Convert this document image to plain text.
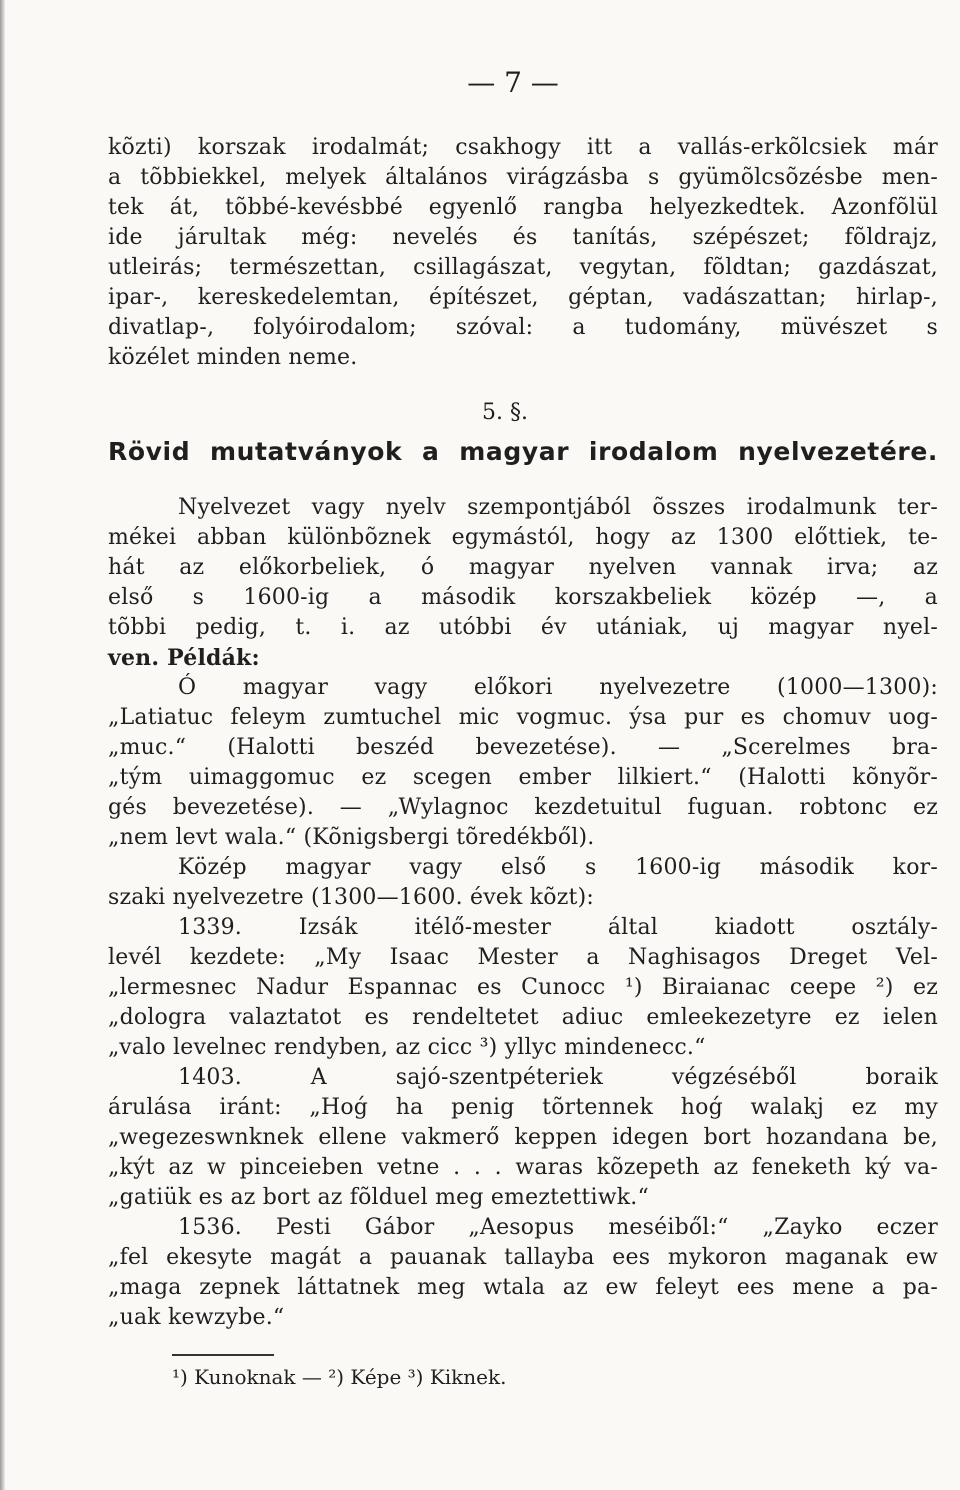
— 7 —
kõzti) korszak irodalmát; csakhogy itt a vallás-erkõlcsiek már
a tõbbiekkel, melyek általános virágzásba s gyümõlcsõzésbe men-
tek át, tõbbé-kevésbbé egyenlő rangba helyezkedtek. Azonfõlül
ide járultak még: nevelés és tanítás, szépészet; fõldrajz,
utleirás; természettan, csillagászat, vegytan, fõldtan; gazdászat,
ipar-, kereskedelemtan, építészet, géptan, vadászattan; hirlap-,
divatlap-, folyóirodalom; szóval: a tudomány, müvészet s
közélet minden neme.
5. §.
Rövid mutatványok a magyar irodalom nyelvezetére.
Nyelvezet vagy nyelv szempontjából õsszes irodalmunk ter-
mékei abban különbõznek egymástól, hogy az 1300 előttiek, te-
hát az előkorbeliek, ó magyar nyelven vannak irva; az
első s 1600-ig a második korszakbeliek közép —, a
tõbbi pedig, t. i. az utóbbi év utániak, uj magyar nyel-
ven. Példák:
Ó magyar vagy előkori nyelvezetre (1000—1300):
„Latiatuc feleym zumtuchel mic vogmuc. ýsa pur es chomuv uog-
„muc.“ (Halotti beszéd bevezetése). — „Scerelmes bra-
„tým uimaggomuc ez scegen ember lilkiert.“ (Halotti kõnyõr-
gés bevezetése). — „Wylagnoc kezdetuitul fuguan. robtonc ez
„nem levt wala.“ (Kõnigsbergi tõredékből).
Közép magyar vagy első s 1600-ig második kor-
szaki nyelvezetre (1300—1600. évek kõzt):
1339. Izsák itélő-mester által kiadott osztály-
levél kezdete: „My Isaac Mester a Naghisagos Dreget Vel-
„lermesnec Nadur Espannac es Cunocc ¹) Biraianac ceepe ²) ez
„dologra valaztatot es rendeltetet adiuc emleekezetyre ez ielen
„valo levelnec rendyben, az cicc ³) yllyc mindenecc.“
1403. A sajó-szentpéteriek végzéséből boraik
árulása iránt: „Hoǵ ha penig tõrtennek hoǵ walakj ez my
„wegezeswnknek ellene vakmerő keppen idegen bort hozandana be,
„kýt az w pinceieben vetne . . . waras kõzepeth az feneketh ký va-
„gatiük es az bort az fõlduel meg emeztettiwk.“
1536. Pesti Gábor „Aesopus meséiből:“ „Zayko eczer
„fel ekesyte magát a pauanak tallayba ees mykoron maganak ew
„maga zepnek láttatnek meg wtala az ew feleyt ees mene a pa-
„uak kewzybe.“
¹) Kunoknak — ²) Képe ³) Kiknek.
